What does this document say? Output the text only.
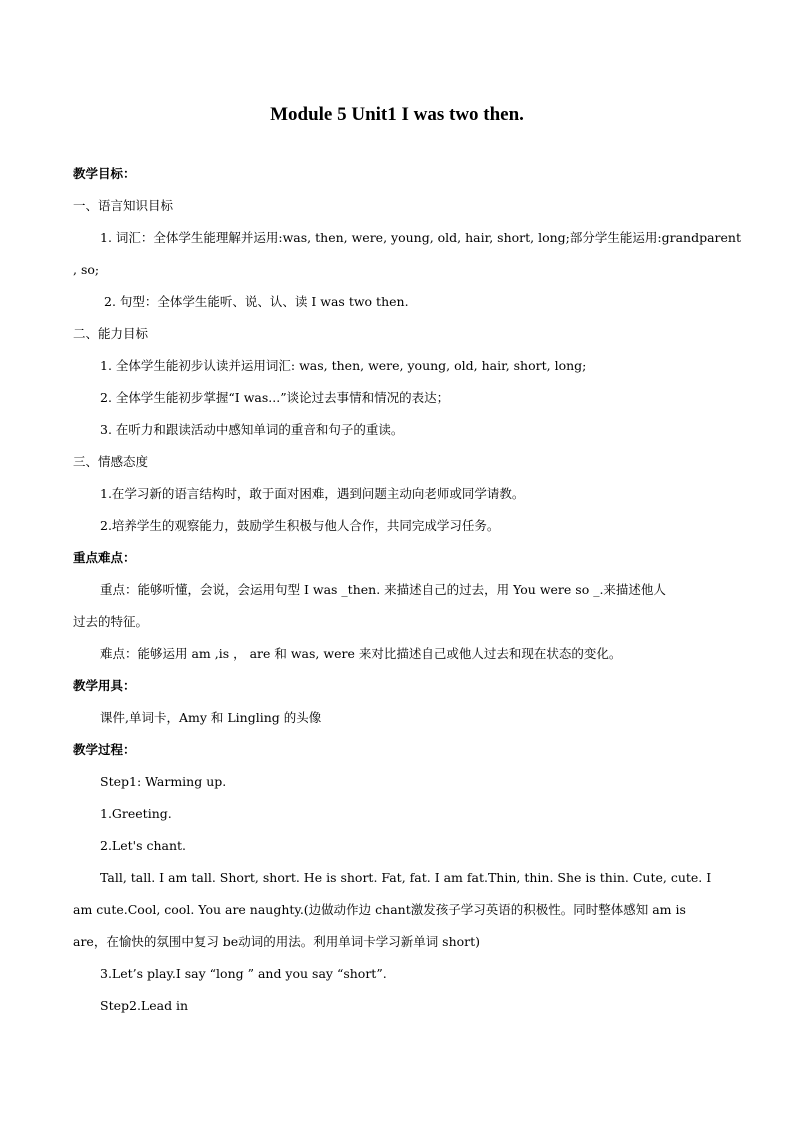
Module 5 Unit1 I was two then.
教学目标：
一、语言知识目标
1. 词汇：全体学生能理解并运用:was, then, were, young, old, hair, short, long;部分学生能运用:grandparent
, so;
2. 句型：全体学生能听、说、认、读 I was two then.
二、能力目标
1. 全体学生能初步认读并运用词汇: was, then, were, young, old, hair, short, long;
2. 全体学生能初步掌握“I was...”谈论过去事情和情况的表达；
3. 在听力和跟读活动中感知单词的重音和句子的重读。
三、情感态度
1.在学习新的语言结构时，敢于面对困难，遇到问题主动向老师或同学请教。
2.培养学生的观察能力，鼓励学生积极与他人合作，共同完成学习任务。
重点难点：
重点：能够听懂，会说，会运用句型 I was _then. 来描述自己的过去，用 You were so _.来描述他人
过去的特征。
难点：能够运用 am ,is ， are 和 was, were 来对比描述自己或他人过去和现在状态的变化。
教学用具：
课件,单词卡，Amy 和 Lingling 的头像
教学过程：
Step1: Warming up.
1.Greeting.
2.Let's chant.
Tall, tall. I am tall. Short, short. He is short. Fat, fat. I am fat.Thin, thin. She is thin. Cute, cute. I
am cute.Cool, cool. You are naughty.(边做动作边 chant激发孩子学习英语的积极性。同时整体感知 am is
are，在愉快的氛围中复习 be动词的用法。利用单词卡学习新单词 short)
3.Let’s play.I say “long ” and you say “short”.
Step2.Lead in
